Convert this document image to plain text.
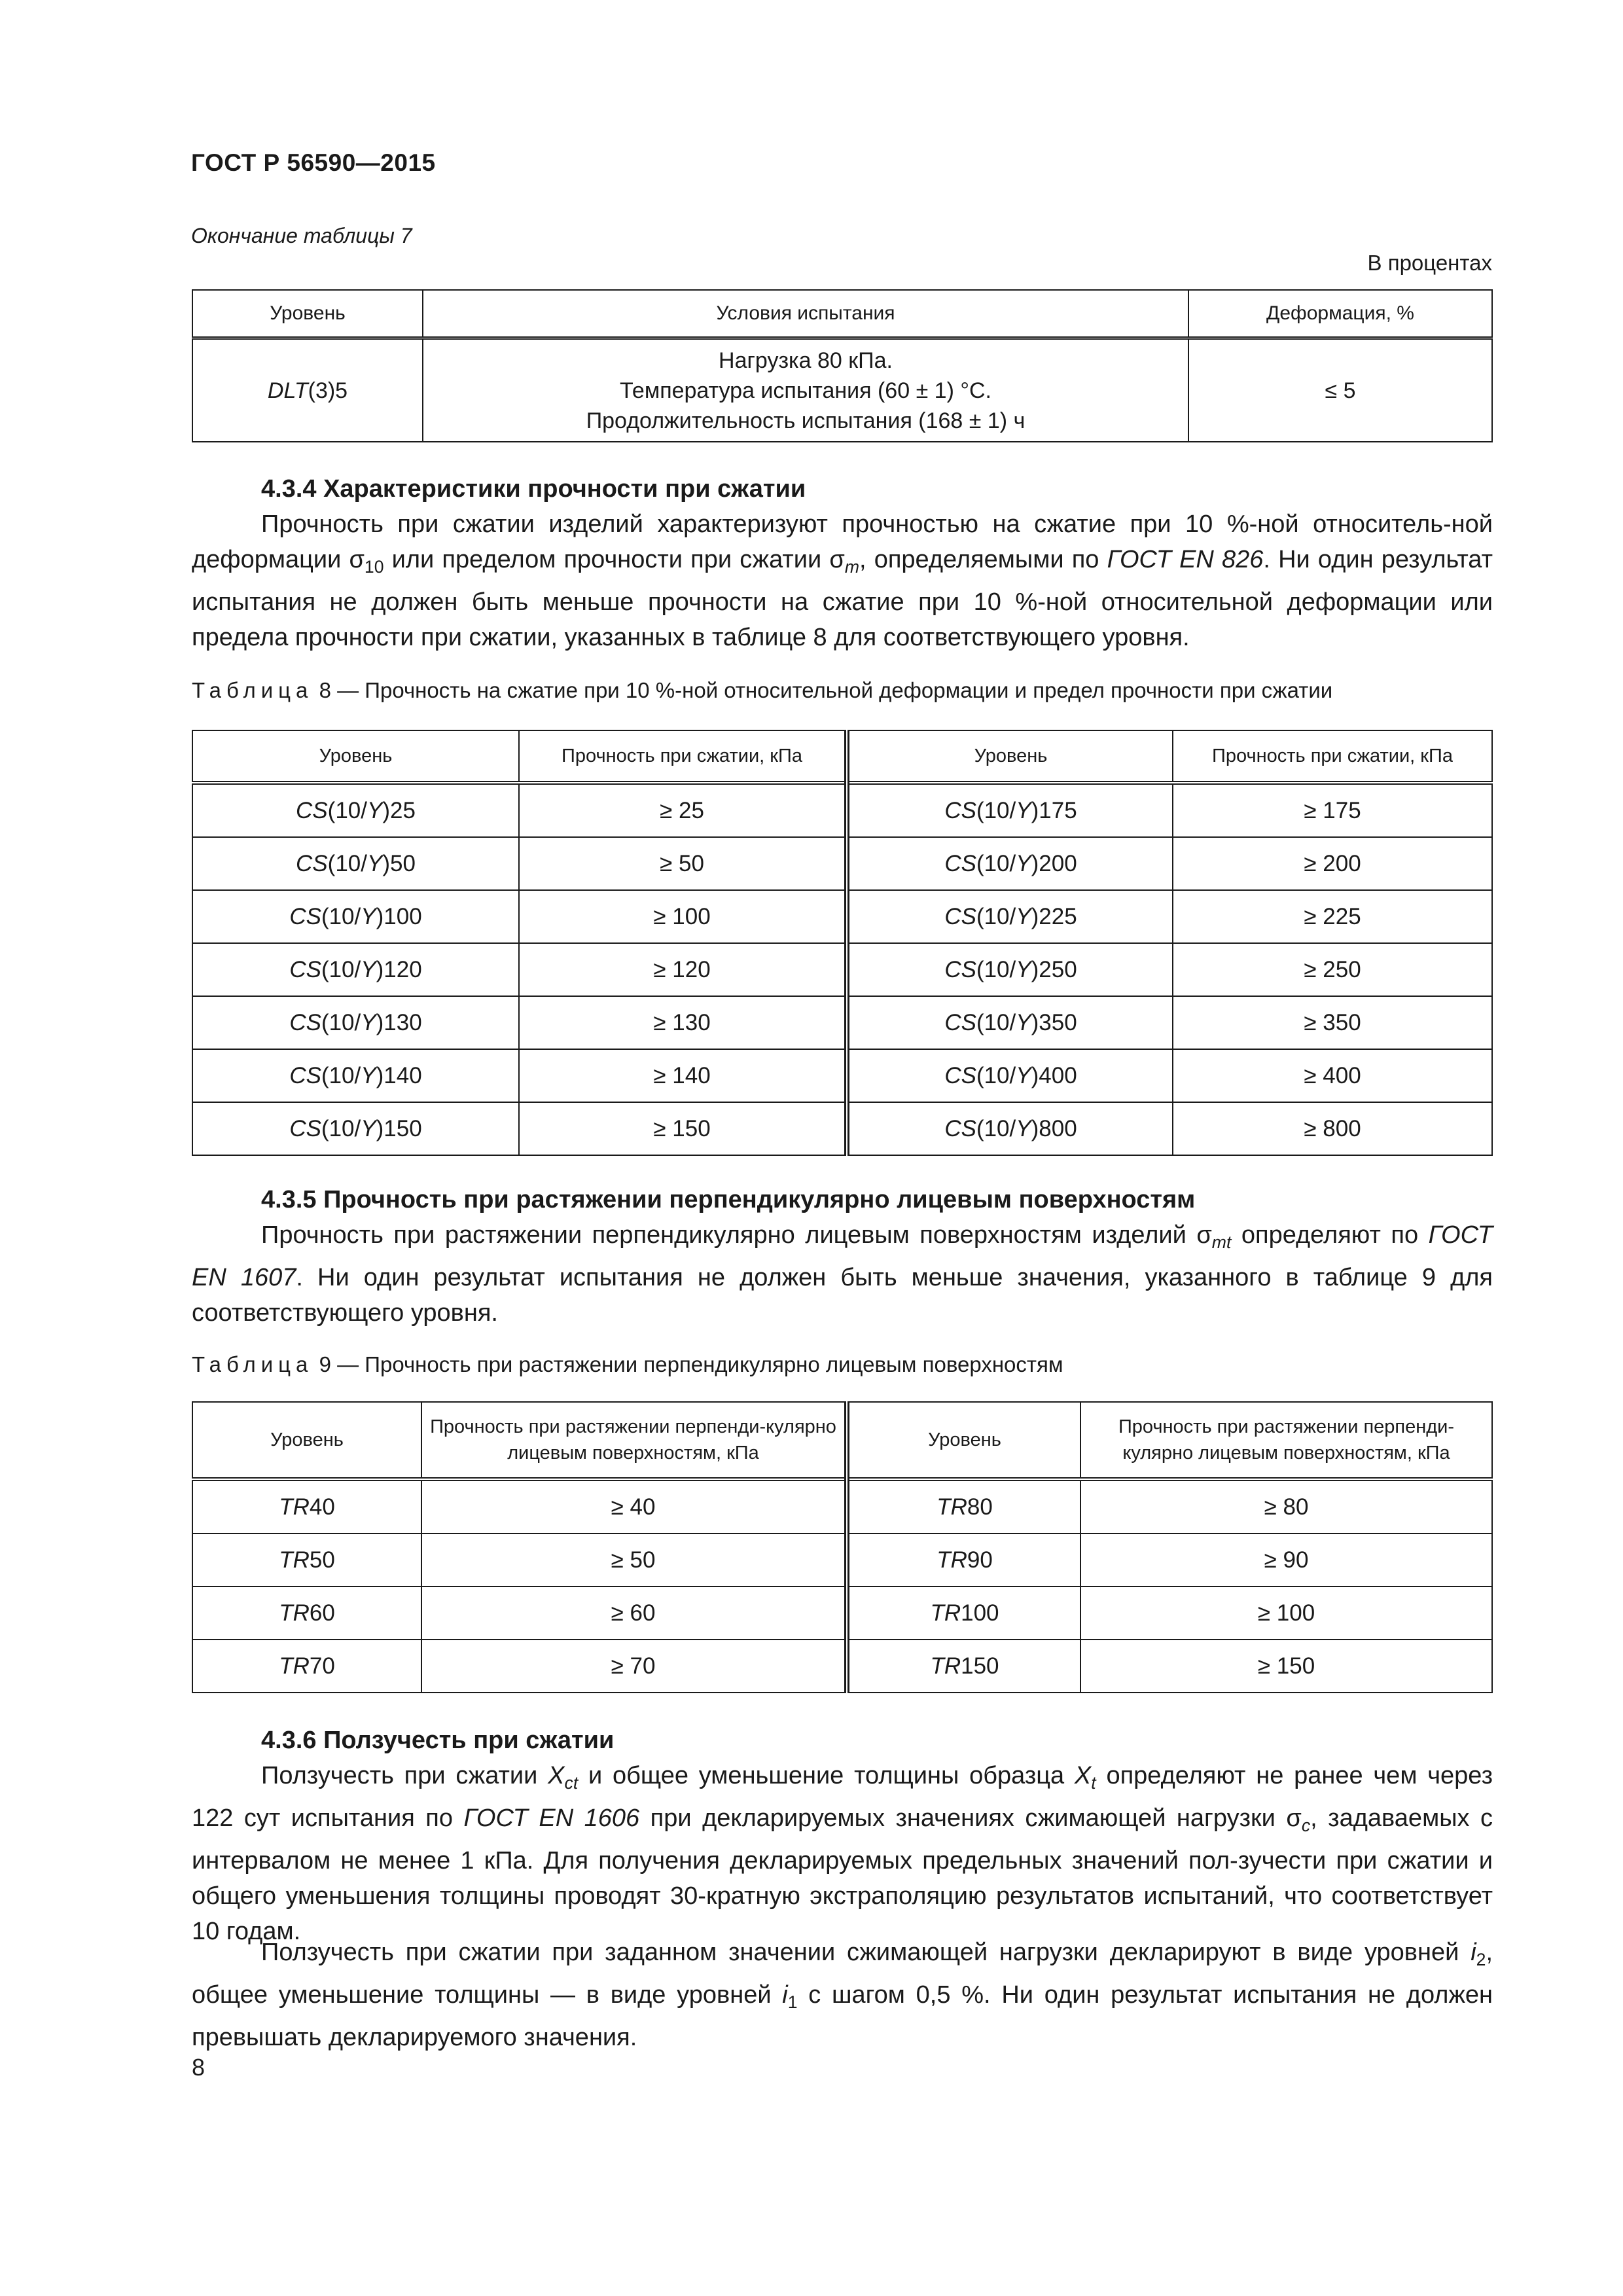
ГОСТ Р 56590—2015
Окончание таблицы 7
В процентах
Уровень	Условия испытания	Деформация, %
DLT(3)5	Нагрузка 80 кПа.
Температура испытания (60 ± 1) °С.
Продолжительность испытания (168 ± 1) ч	≤ 5
4.3.4 Характеристики прочности при сжатии
Прочность при сжатии изделий характеризуют прочностью на сжатие при 10 %-ной относитель-ной деформации $\sigma_{10}$ или пределом прочности при сжатии $\sigma_m$, определяемыми по ГОСТ EN 826. Ни один результат испытания не должен быть меньше прочности на сжатие при 10 %-ной относительной деформации или предела прочности при сжатии, указанных в таблице 8 для соответствующего уровня.
Таблица 8 — Прочность на сжатие при 10 %-ной относительной деформации и предел прочности при сжатии
Уровень	Прочность при сжатии, кПа	Уровень	Прочность при сжатии, кПа
CS(10/Y)25	≥ 25	CS(10/Y)175	≥ 175
CS(10/Y)50	≥ 50	CS(10/Y)200	≥ 200
CS(10/Y)100	≥ 100	CS(10/Y)225	≥ 225
CS(10/Y)120	≥ 120	CS(10/Y)250	≥ 250
CS(10/Y)130	≥ 130	CS(10/Y)350	≥ 350
CS(10/Y)140	≥ 140	CS(10/Y)400	≥ 400
CS(10/Y)150	≥ 150	CS(10/Y)800	≥ 800
4.3.5 Прочность при растяжении перпендикулярно лицевым поверхностям
Прочность при растяжении перпендикулярно лицевым поверхностям изделий $\sigma_{mt}$ определяют по ГОСТ EN 1607. Ни один результат испытания не должен быть меньше значения, указанного в таблице 9 для соответствующего уровня.
Таблица 9 — Прочность при растяжении перпендикулярно лицевым поверхностям
Уровень	Прочность при растяжении перпенди-кулярно лицевым поверхностям, кПа	Уровень	Прочность при растяжении перпенди-кулярно лицевым поверхностям, кПа
TR40	≥ 40	TR80	≥ 80
TR50	≥ 50	TR90	≥ 90
TR60	≥ 60	TR100	≥ 100
TR70	≥ 70	TR150	≥ 150
4.3.6 Ползучесть при сжатии
Ползучесть при сжатии $X_{ct}$ и общее уменьшение толщины образца $X_t$ определяют не ранее чем через 122 сут испытания по ГОСТ EN 1606 при декларируемых значениях сжимающей нагрузки $\sigma_c$, задаваемых с интервалом не менее 1 кПа. Для получения декларируемых предельных значений пол-зучести при сжатии и общего уменьшения толщины проводят 30-кратную экстраполяцию результатов испытаний, что соответствует 10 годам.
Ползучесть при сжатии при заданном значении сжимающей нагрузки декларируют в виде уровней $i_2$, общее уменьшение толщины — в виде уровней $i_1$ с шагом 0,5 %. Ни один результат испытания не должен превышать декларируемого значения.
8
